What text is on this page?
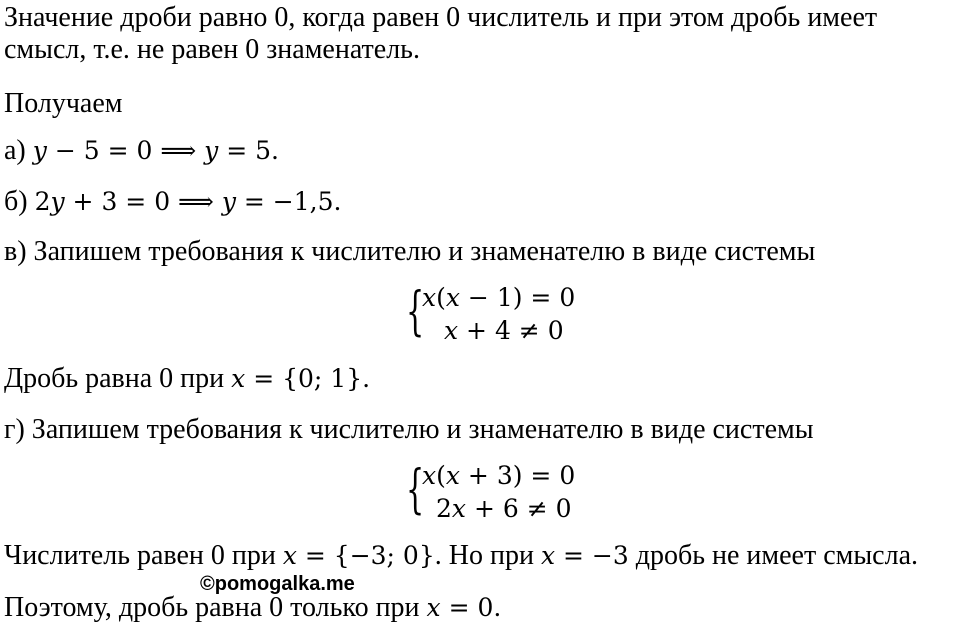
Значение дроби равно 0, когда равен 0 числитель и при этом дробь имеет
смысл, т.е. не равен 0 знаменатель.
Получаем
а) y − 5 = 0 ⟹ y = 5.
б) 2y + 3 = 0 ⟹ y = −1,5.
в) Запишем требования к числителю и знаменателю в виде системы
{
x(x − 1) = 0
x + 4 ≠ 0
Дробь равна 0 при x = {0; 1}.
г) Запишем требования к числителю и знаменателю в виде системы
{
x(x + 3) = 0
2x + 6 ≠ 0
Числитель равен 0 при x = {−3; 0}. Но при x = −3 дробь не имеет смысла.
©pomogalka.me
Поэтому, дробь равна 0 только при x = 0.
